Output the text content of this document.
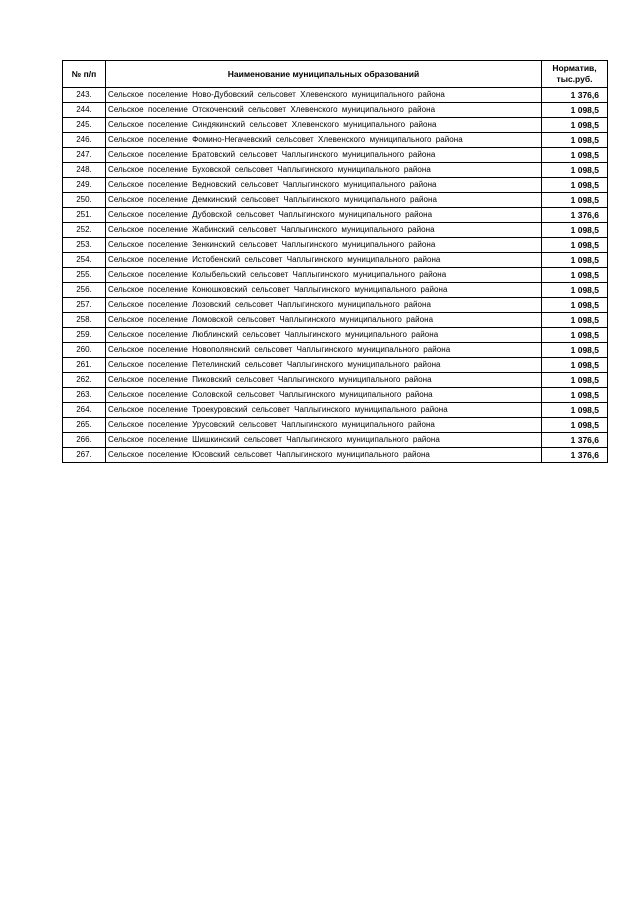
№ п/п	Наименование муниципальных образований	Норматив,
тыс.руб.
243.	Сельское поселение Ново-Дубовский сельсовет Хлевенского муниципального района	1 376,6
244.	Сельское поселение Отскоченский сельсовет Хлевенского муниципального района	1 098,5
245.	Сельское поселение Синдякинский сельсовет Хлевенского муниципального района	1 098,5
246.	Сельское поселение Фомино-Негачевский сельсовет Хлевенского муниципального района	1 098,5
247.	Сельское поселение Братовский сельсовет Чаплыгинского муниципального района	1 098,5
248.	Сельское поселение Буховской сельсовет Чаплыгинского муниципального района	1 098,5
249.	Сельское поселение Ведновский сельсовет Чаплыгинского муниципального района	1 098,5
250.	Сельское поселение Демкинский сельсовет Чаплыгинского муниципального района	1 098,5
251.	Сельское поселение Дубовской сельсовет Чаплыгинского муниципального района	1 376,6
252.	Сельское поселение Жабинский сельсовет Чаплыгинского муниципального района	1 098,5
253.	Сельское поселение Зенкинский сельсовет Чаплыгинского муниципального района	1 098,5
254.	Сельское поселение Истобенский сельсовет Чаплыгинского муниципального района	1 098,5
255.	Сельское поселение Колыбельский сельсовет Чаплыгинского муниципального района	1 098,5
256.	Сельское поселение Конюшковский сельсовет Чаплыгинского муниципального района	1 098,5
257.	Сельское поселение Лозовский сельсовет Чаплыгинского муниципального района	1 098,5
258.	Сельское поселение Ломовской сельсовет Чаплыгинского муниципального района	1 098,5
259.	Сельское поселение Люблинский сельсовет Чаплыгинского муниципального района	1 098,5
260.	Сельское поселение Новополянский сельсовет Чаплыгинского муниципального района	1 098,5
261.	Сельское поселение Петелинский сельсовет Чаплыгинского муниципального района	1 098,5
262.	Сельское поселение Пиковский сельсовет Чаплыгинского муниципального района	1 098,5
263.	Сельское поселение Соловской сельсовет Чаплыгинского муниципального района	1 098,5
264.	Сельское поселение Троекуровский сельсовет Чаплыгинского муниципального района	1 098,5
265.	Сельское поселение Урусовский сельсовет Чаплыгинского муниципального района	1 098,5
266.	Сельское поселение Шишкинский сельсовет Чаплыгинского муниципального района	1 376,6
267.	Сельское поселение Юсовский сельсовет Чаплыгинского муниципального района	1 376,6
